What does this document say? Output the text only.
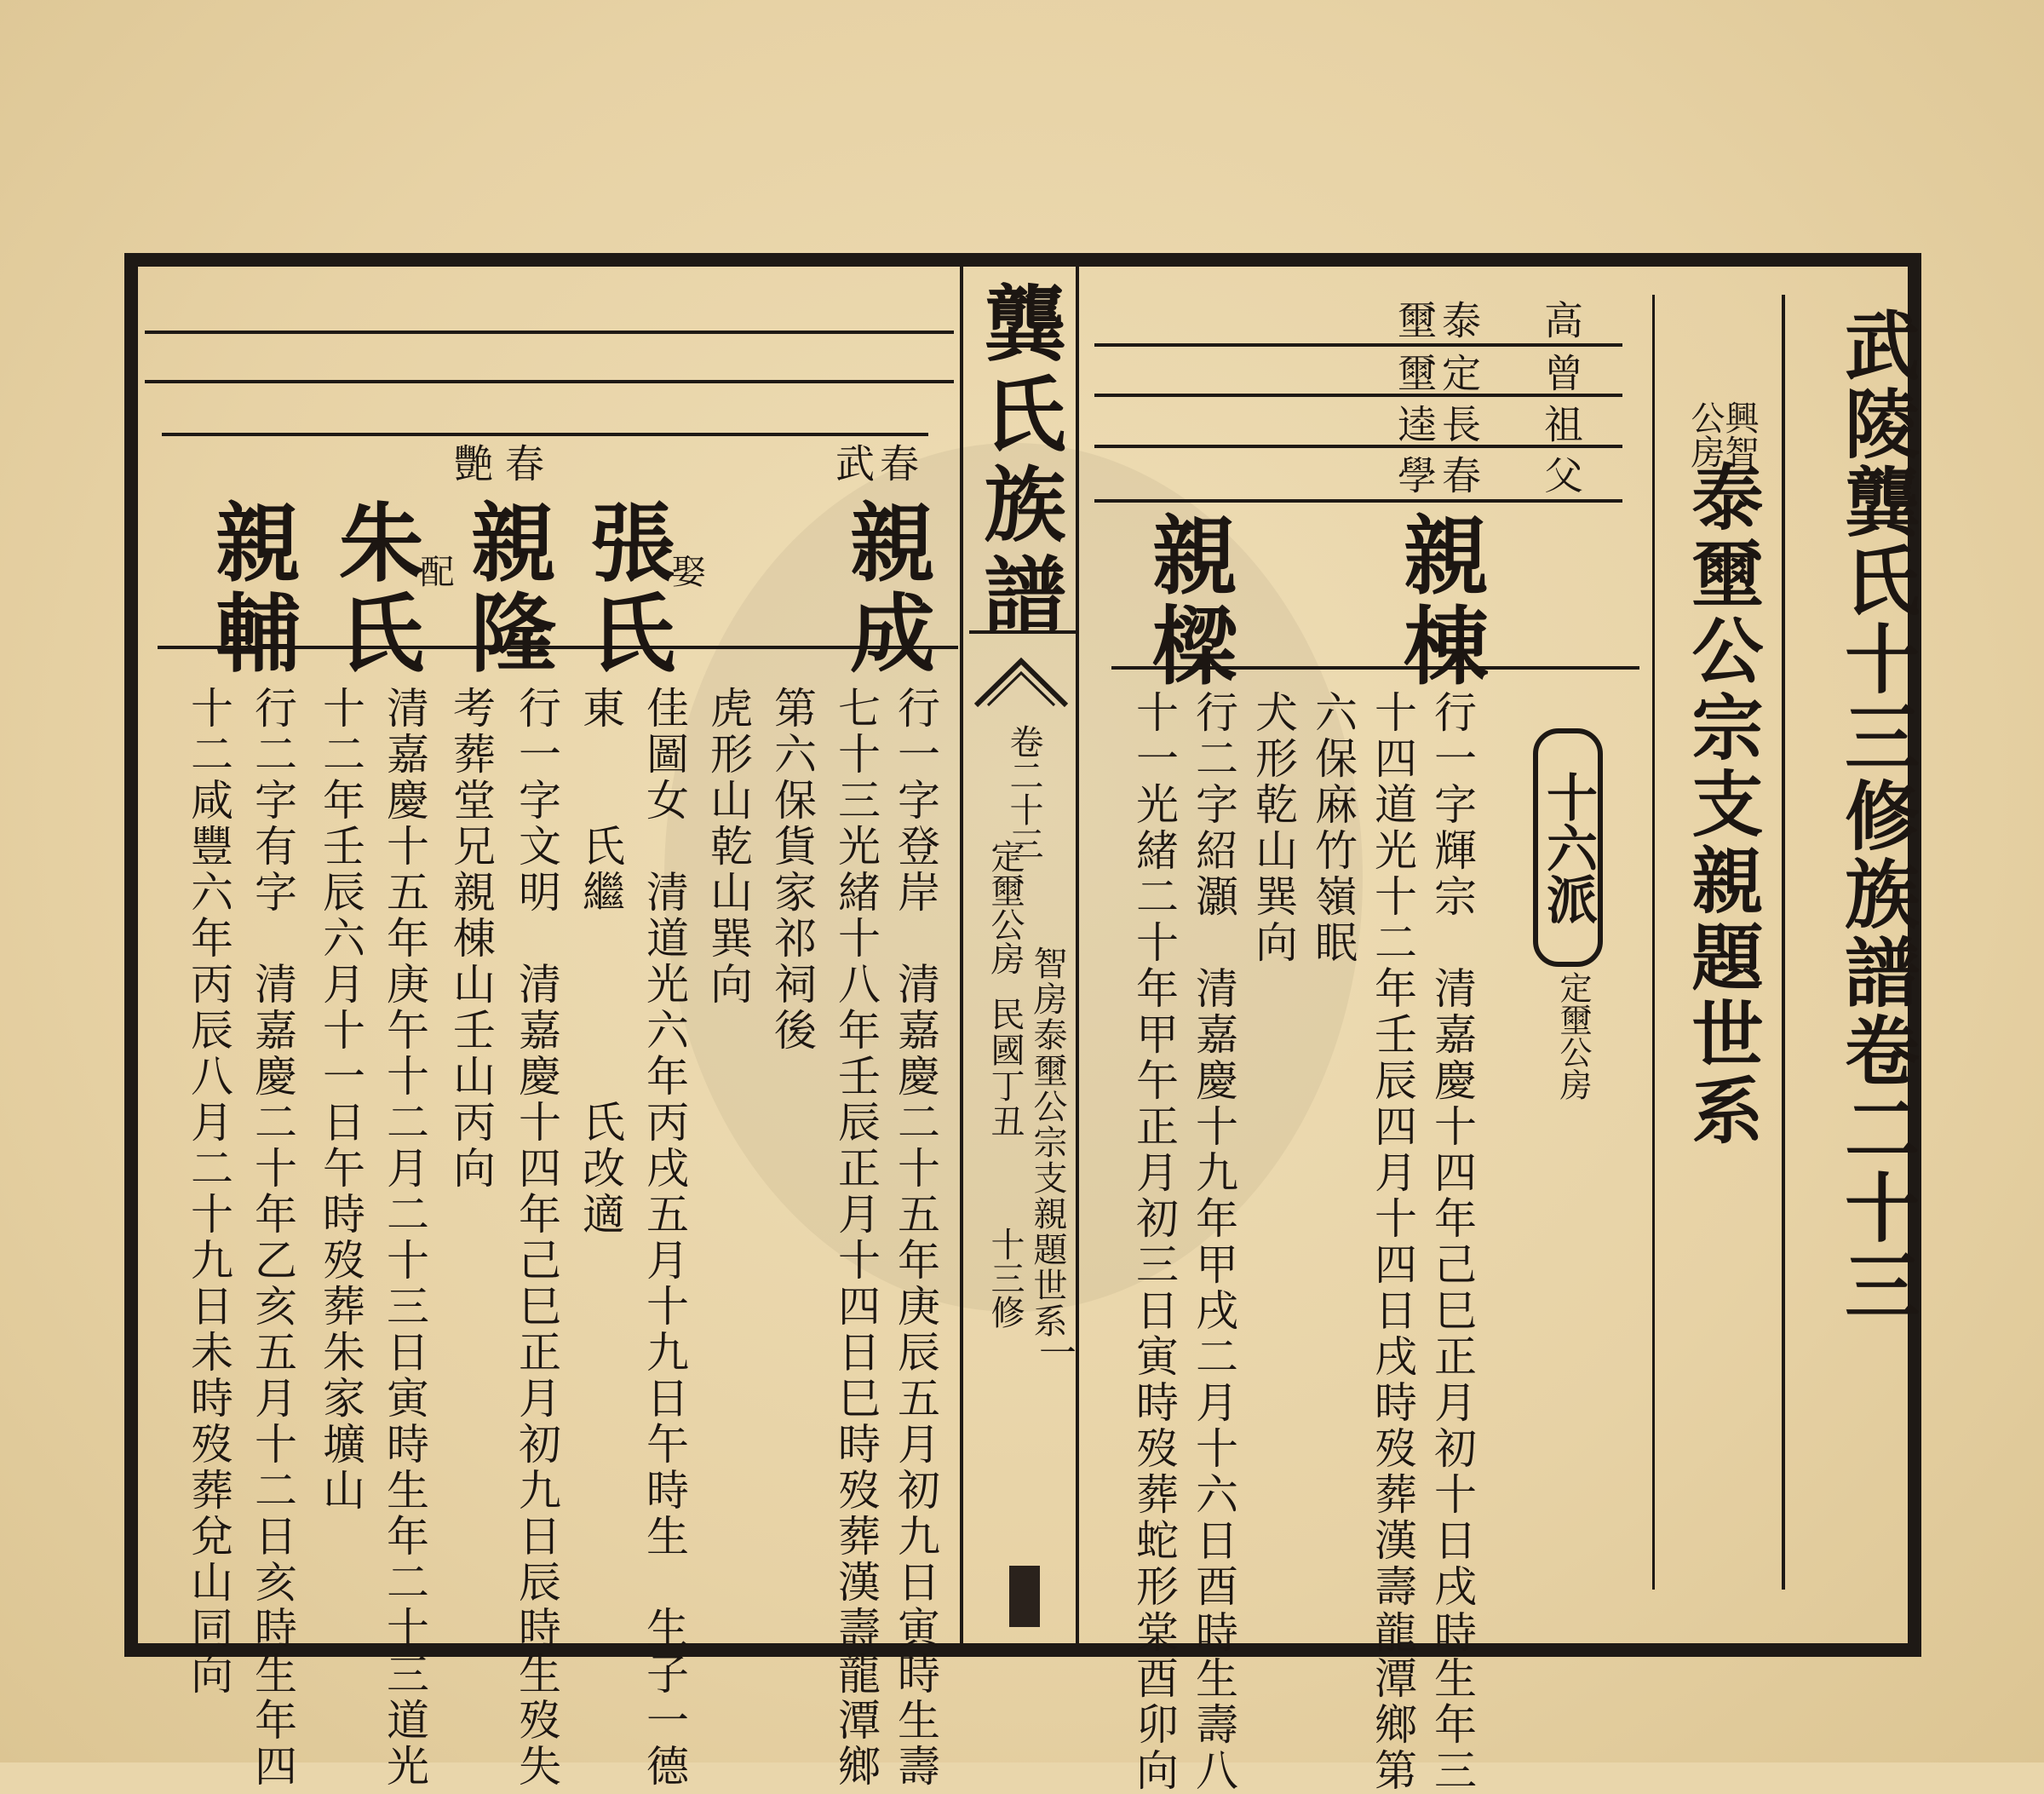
武陵龔氏十三修族譜卷二十三
興智
公房
泰壐公宗支親題世系
十六派
定壐公房
高
曾
祖
父
泰
定
長
春
壐
壐
逵
學
親棟
行一字輝宗　清嘉慶十四年己巳正月初十日戌時生年三
十四道光十二年壬辰四月十四日戌時歿葬漢壽龍潭鄉第
六保麻竹嶺眠
親樑
犬形乾山巽向
行二字紹灝　清嘉慶十九年甲戌二月十六日酉時生壽八
十一光緒二十年甲午正月初三日寅時歿葬蛇形棠酉卯向
龔氏族譜
卷二十三
定壐公房
智房泰壐公宗支親題世系
民國丁丑
十三修
一
春
武
春
艷
親成
行一字登岸　清嘉慶二十五年庚辰五月初九日寅時生壽
七十三光緒十八年壬辰正月十四日巳時歿葬漢壽龍潭鄉
第六保貨家祁祠後
娶
張氏
虎形山乾山巽向
佳圖女　清道光六年丙戌五月十九日午時生　生子一德
東　　氏繼　　　　氏改適
親隆
行一字文明　清嘉慶十四年己巳正月初九日辰時生歿失
考葬堂兄親棟山壬山丙向
配
朱氏
清嘉慶十五年庚午十二月二十三日寅時生年二十三道光
十二年壬辰六月十一日午時歿葬朱家壙山
親輔
行二字有字　清嘉慶二十年乙亥五月十二日亥時生年四
十二咸豐六年丙辰八月二十九日未時歿葬兌山同向
